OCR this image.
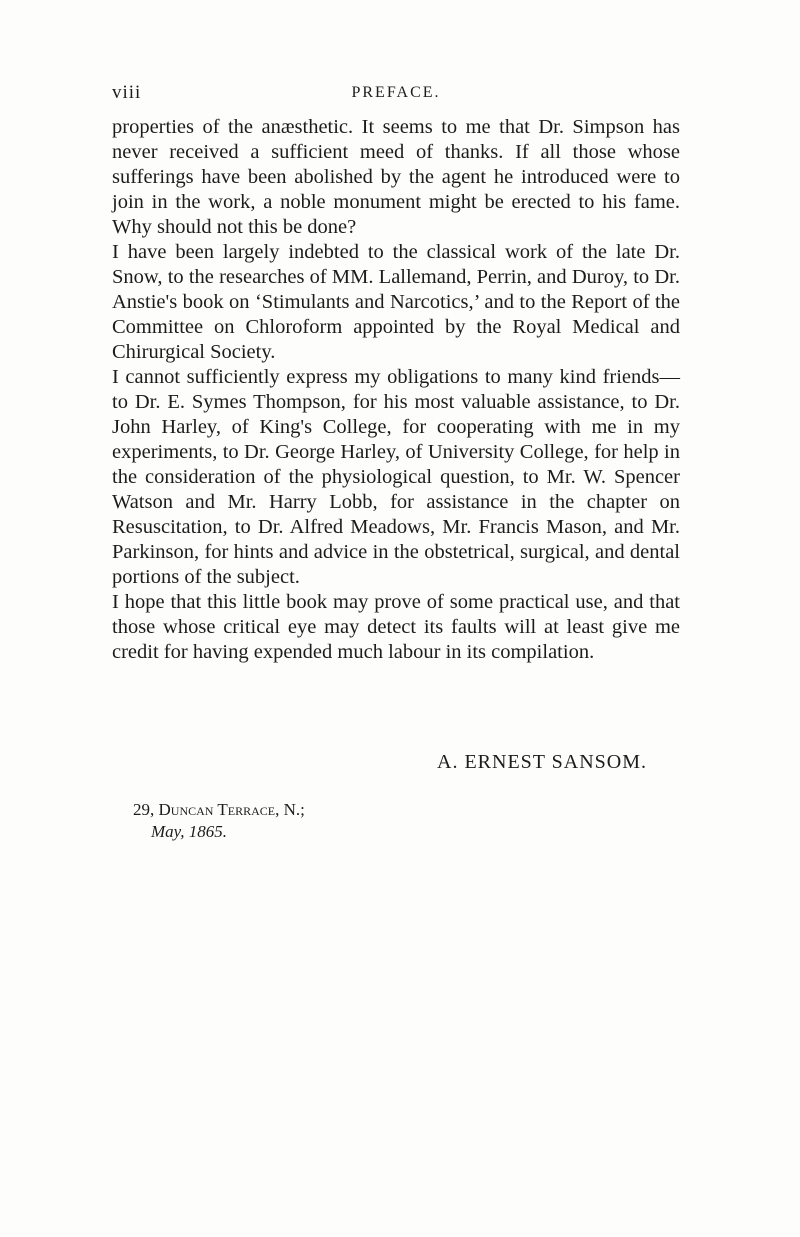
viii	PREFACE.

properties of the anæsthetic. It seems to me that Dr. Simpson has never received a sufficient meed of thanks. If all those whose sufferings have been abolished by the agent he introduced were to join in the work, a noble monument might be erected to his fame. Why should not this be done?

I have been largely indebted to the classical work of the late Dr. Snow, to the researches of MM. Lallemand, Perrin, and Duroy, to Dr. Anstie's book on ‘Stimulants and Narcotics,’ and to the Report of the Committee on Chloroform appointed by the Royal Medical and Chirurgical Society.

I cannot sufficiently express my obligations to many kind friends—to Dr. E. Symes Thompson, for his most valuable assistance, to Dr. John Harley, of King's College, for cooperating with me in my experiments, to Dr. George Harley, of University College, for help in the consideration of the physiological question, to Mr. W. Spencer Watson and Mr. Harry Lobb, for assistance in the chapter on Resuscitation, to Dr. Alfred Meadows, Mr. Francis Mason, and Mr. Parkinson, for hints and advice in the obstetrical, surgical, and dental portions of the subject.

I hope that this little book may prove of some practical use, and that those whose critical eye may detect its faults will at least give me credit for having expended much labour in its compilation.

A. ERNEST SANSOM.
29, Duncan Terrace, N.;
May, 1865.
